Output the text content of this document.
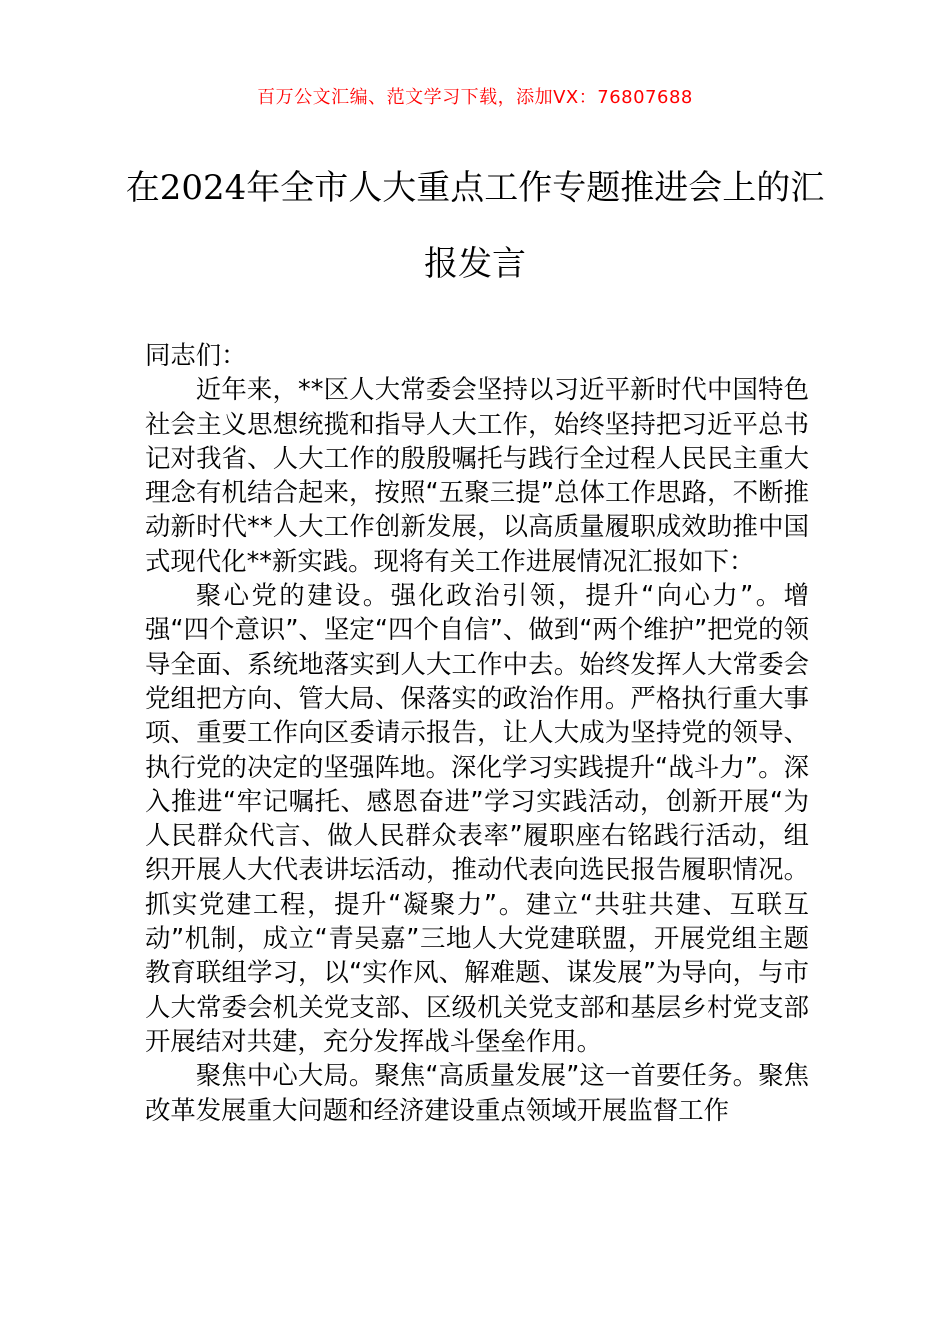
百万公文汇编、范文学习下载，添加VX：76807688
在2024年全市人大重点工作专题推进会上的汇报发言

同志们：

近年来，**区人大常委会坚持以习近平新时代中国特色社会主义思想统揽和指导人大工作，始终坚持把习近平总书记对我省、人大工作的殷殷嘱托与践行全过程人民民主重大理念有机结合起来，按照“五聚三提”总体工作思路，不断推动新时代**人大工作创新发展，以高质量履职成效助推中国式现代化**新实践。现将有关工作进展情况汇报如下：

聚心党的建设。强化政治引领，提升“向心力”。增强“四个意识”、坚定“四个自信”、做到“两个维护”把党的领导全面、系统地落实到人大工作中去。始终发挥人大常委会党组把方向、管大局、保落实的政治作用。严格执行重大事项、重要工作向区委请示报告，让人大成为坚持党的领导、执行党的决定的坚强阵地。深化学习实践提升“战斗力”。深入推进“牢记嘱托、感恩奋进”学习实践活动，创新开展“为人民群众代言、做人民群众表率”履职座右铭践行活动，组织开展人大代表讲坛活动，推动代表向选民报告履职情况。抓实党建工程，提升“凝聚力”。建立“共驻共建、互联互动”机制，成立“青吴嘉”三地人大党建联盟，开展党组主题教育联组学习，以“实作风、解难题、谋发展”为导向，与市人大常委会机关党支部、区级机关党支部和基层乡村党支部开展结对共建，充分发挥战斗堡垒作用。

聚焦中心大局。聚焦“高质量发展”这一首要任务。聚焦改革发展重大问题和经济建设重点领域开展监督工作
